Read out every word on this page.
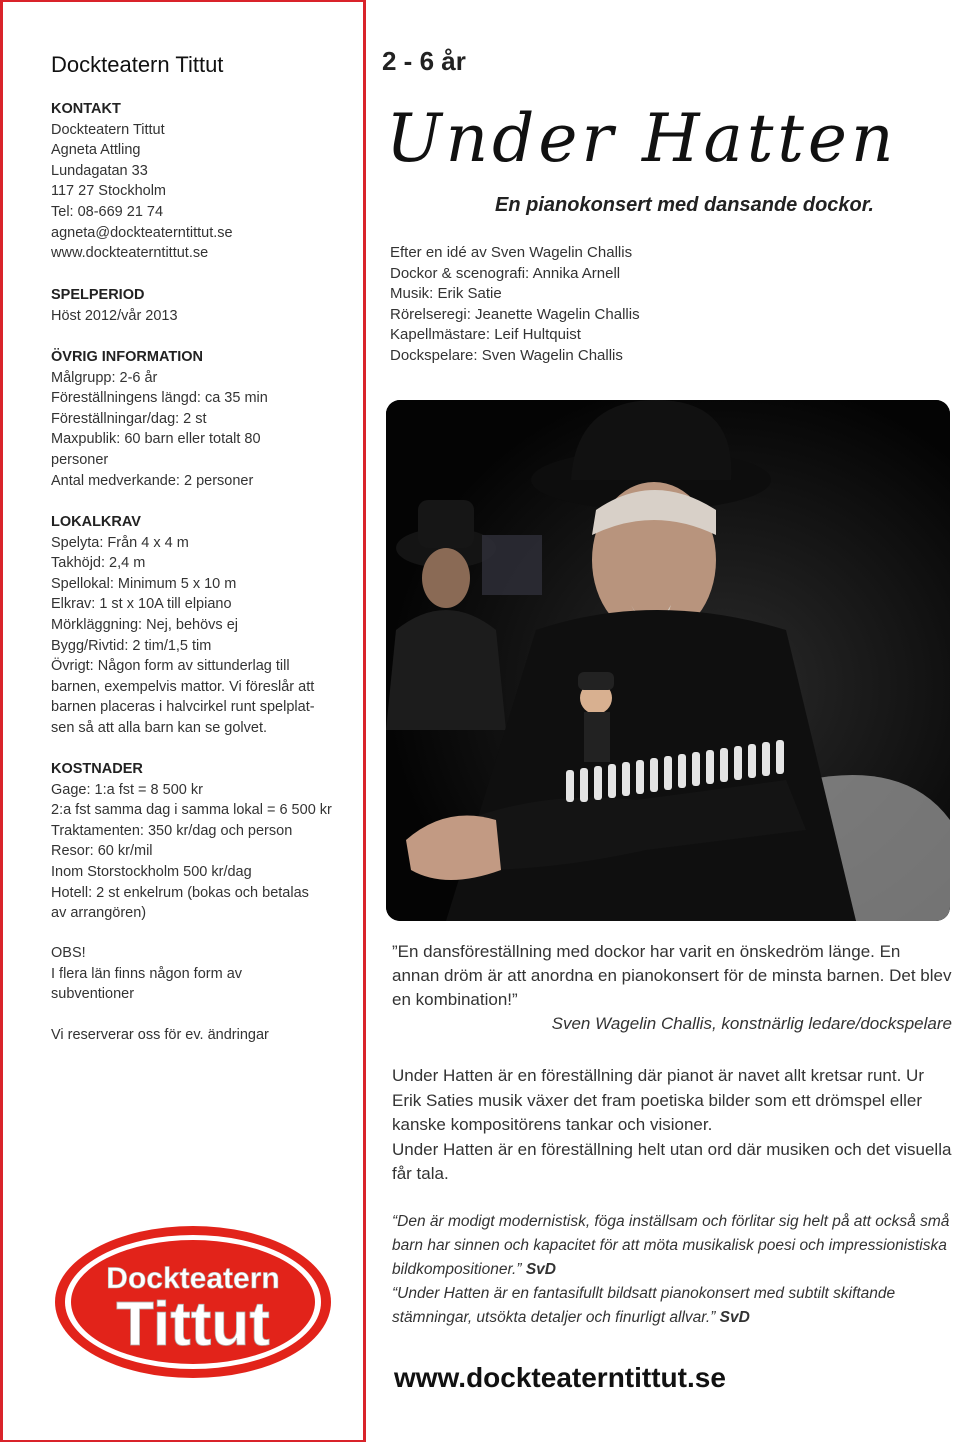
Dockteatern Tittut
KONTAKT
Dockteatern Tittut
Agneta Attling
Lundagatan 33
117 27 Stockholm
Tel: 08-669 21 74
agneta@dockteaterntittut.se
www.dockteaterntittut.se
SPELPERIOD
Höst 2012/vår 2013
ÖVRIG INFORMATION
Målgrupp: 2-6 år
Föreställningens längd: ca 35 min
Föreställningar/dag: 2 st
Maxpublik: 60 barn eller totalt 80
personer
Antal medverkande: 2 personer
LOKALKRAV
Spelyta: Från 4 x 4 m
Takhöjd: 2,4 m
Spellokal: Minimum 5 x 10 m
Elkrav: 1 st x 10A till elpiano
Mörkläggning: Nej, behövs ej
Bygg/Rivtid: 2 tim/1,5 tim
Övrigt: Någon form av sittunderlag till
barnen, exempelvis mattor. Vi föreslår att
barnen placeras i halvcirkel runt spelplat-
sen så att alla barn kan se golvet.
KOSTNADER
Gage: 1:a fst = 8 500 kr
2:a fst samma dag i samma lokal = 6 500 kr
Traktamenten: 350 kr/dag och person
Resor: 60 kr/mil
Inom Storstockholm 500 kr/dag
Hotell: 2 st enkelrum (bokas och betalas
av arrangören)
OBS!
I flera län finns någon form av
subventioner
Vi reserverar oss för ev. ändringar
Dockteatern
Tittut
2 - 6 år
Under Hatten
En pianokonsert med dansande dockor.
Efter en idé av Sven Wagelin Challis
Dockor & scenografi: Annika Arnell
Musik: Erik Satie
Rörelseregi: Jeanette Wagelin Challis
Kapellmästare: Leif Hultquist
Dockspelare: Sven Wagelin Challis
”En dansföreställning med dockor har varit en önskedröm länge. En annan dröm är att anordna en pianokonsert för de minsta barnen. Det blev en kombination!”
Sven Wagelin Challis, konstnärlig ledare/dockspelare
Under Hatten är en föreställning där pianot är navet allt kretsar runt. Ur Erik Saties musik växer det fram poetiska bilder som ett drömspel eller kanske kompositörens tankar och visioner.
Under Hatten är en föreställning helt utan ord där musiken och det visuella får tala.
“Den är modigt modernistisk, föga inställsam och förlitar sig helt på att också små barn har sinnen och kapacitet för att möta musikalisk poesi och impressionistiska bildkompositioner.” SvD
“Under Hatten är en fantasifullt bildsatt pianokonsert med subtilt skiftande stämningar, utsökta detaljer och finurligt allvar.” SvD
www.dockteaterntittut.se
